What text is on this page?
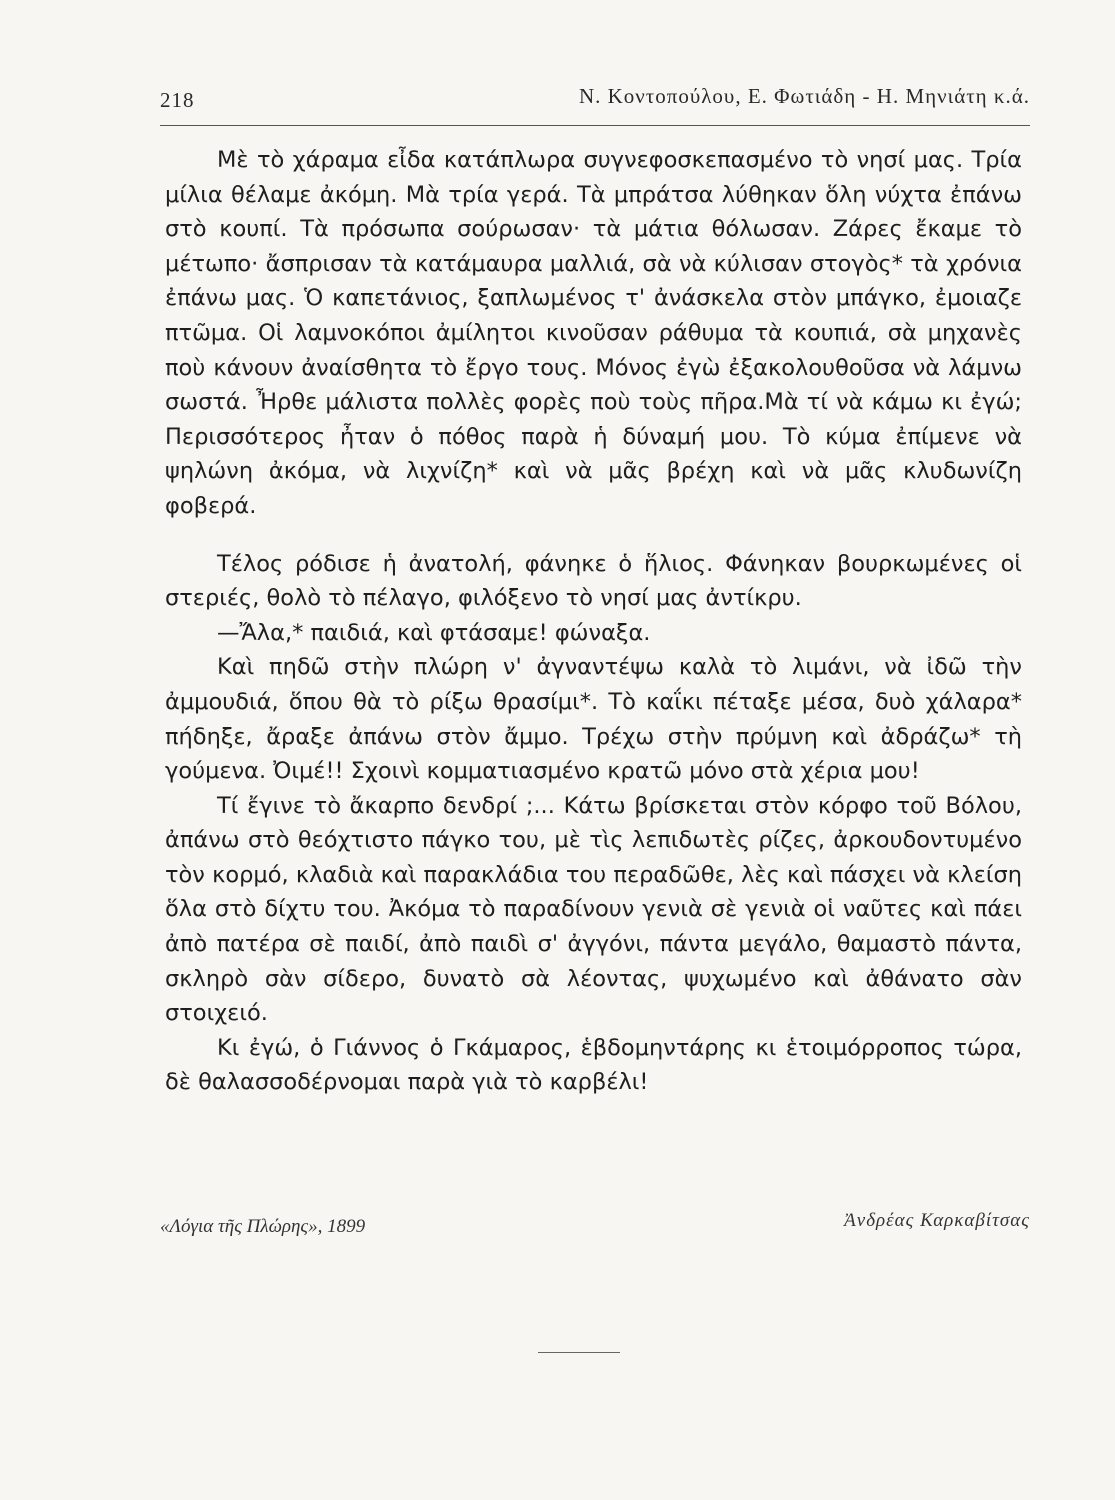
218	Ν. Κοντοπούλου, Ε. Φωτιάδη - Η. Μηνιάτη κ.ά.

Μὲ τὸ χάραμα εἶδα κατάπλωρα συγνεφοσκεπασμένο τὸ νησί μας. Τρία μίλια θέλαμε ἀκόμη. Μὰ τρία γερά. Τὰ μπράτσα λύθηκαν ὅλη νύχτα ἐπάνω στὸ κουπί. Τὰ πρόσωπα σούρωσαν· τὰ μάτια θόλωσαν. Ζάρες ἔκαμε τὸ μέτωπο· ἄσπρισαν τὰ κατάμαυρα μαλλιά, σὰ νὰ κύλισαν στογὸς* τὰ χρόνια ἐπάνω μας. Ὁ καπετάνιος, ξαπλωμένος τ' ἀνάσκελα στὸν μπάγκο, ἐμοιαζε πτῶμα. Οἱ λαμνοκόποι ἀμίλητοι κινοῦσαν ράθυμα τὰ κουπιά, σὰ μηχανὲς ποὺ κάνουν ἀναίσθητα τὸ ἔργο τους. Μόνος ἐγὼ ἐξακολουθοῦσα νὰ λάμνω σωστά. Ἦρθε μάλιστα πολλὲς φορὲς ποὺ τοὺς πῆρα.Μὰ τί νὰ κάμω κι ἐγώ; Περισσότερος ἦταν ὁ πόθος παρὰ ἡ δύναμή μου. Τὸ κύμα ἐπίμενε νὰ ψηλώνη ἀκόμα, νὰ λιχνίζη* καὶ νὰ μᾶς βρέχη καὶ νὰ μᾶς κλυδωνίζη φοβερά.

Τέλος ρόδισε ἡ ἀνατολή, φάνηκε ὁ ἥλιος. Φάνηκαν βουρκωμένες οἱ στεριές, θολὸ τὸ πέλαγο, φιλόξενο τὸ νησί μας ἀντίκρυ.

—Ἄλα,* παιδιά, καὶ φτάσαμε! φώναξα.

Καὶ πηδῶ στὴν πλώρη ν' ἀγναντέψω καλὰ τὸ λιμάνι, νὰ ἰδῶ τὴν ἀμμουδιά, ὅπου θὰ τὸ ρίξω θρασίμι*. Τὸ καΐκι πέταξε μέσα, δυὸ χάλαρα* πήδηξε, ἄραξε ἀπάνω στὸν ἄμμο. Τρέχω στὴν πρύμνη καὶ ἀδράζω* τὴ γούμενα. Ὀιμέ!! Σχοινὶ κομματιασμένο κρατῶ μόνο στὰ χέρια μου!

Τί ἔγινε τὸ ἄκαρπο δενδρί ;... Κάτω βρίσκεται στὸν κόρφο τοῦ Βόλου, ἀπάνω στὸ θεόχτιστο πάγκο του, μὲ τὶς λεπιδωτὲς ρίζες, ἀρκουδοντυμένο τὸν κορμό, κλαδιὰ καὶ παρακλάδια του περαδῶθε, λὲς καὶ πάσχει νὰ κλείση ὅλα στὸ δίχτυ του. Ἀκόμα τὸ παραδίνουν γενιὰ σὲ γενιὰ οἱ ναῦτες καὶ πάει ἀπὸ πατέρα σὲ παιδί, ἀπὸ παιδὶ σ' ἀγγόνι, πάντα μεγάλο, θαμαστὸ πάντα, σκληρὸ σὰν σίδερο, δυνατὸ σὰ λέοντας, ψυχωμένο καὶ ἀθάνατο σὰν στοιχειό.

Κι ἐγώ, ὁ Γιάννος ὁ Γκάμαρος, ἑβδομηντάρης κι ἑτοιμόρροπος τώρα, δὲ θαλασσοδέρνομαι παρὰ γιὰ τὸ καρβέλι!

«Λόγια τῆς Πλώρης», 1899	Ἀνδρέας Καρκαβίτσας
